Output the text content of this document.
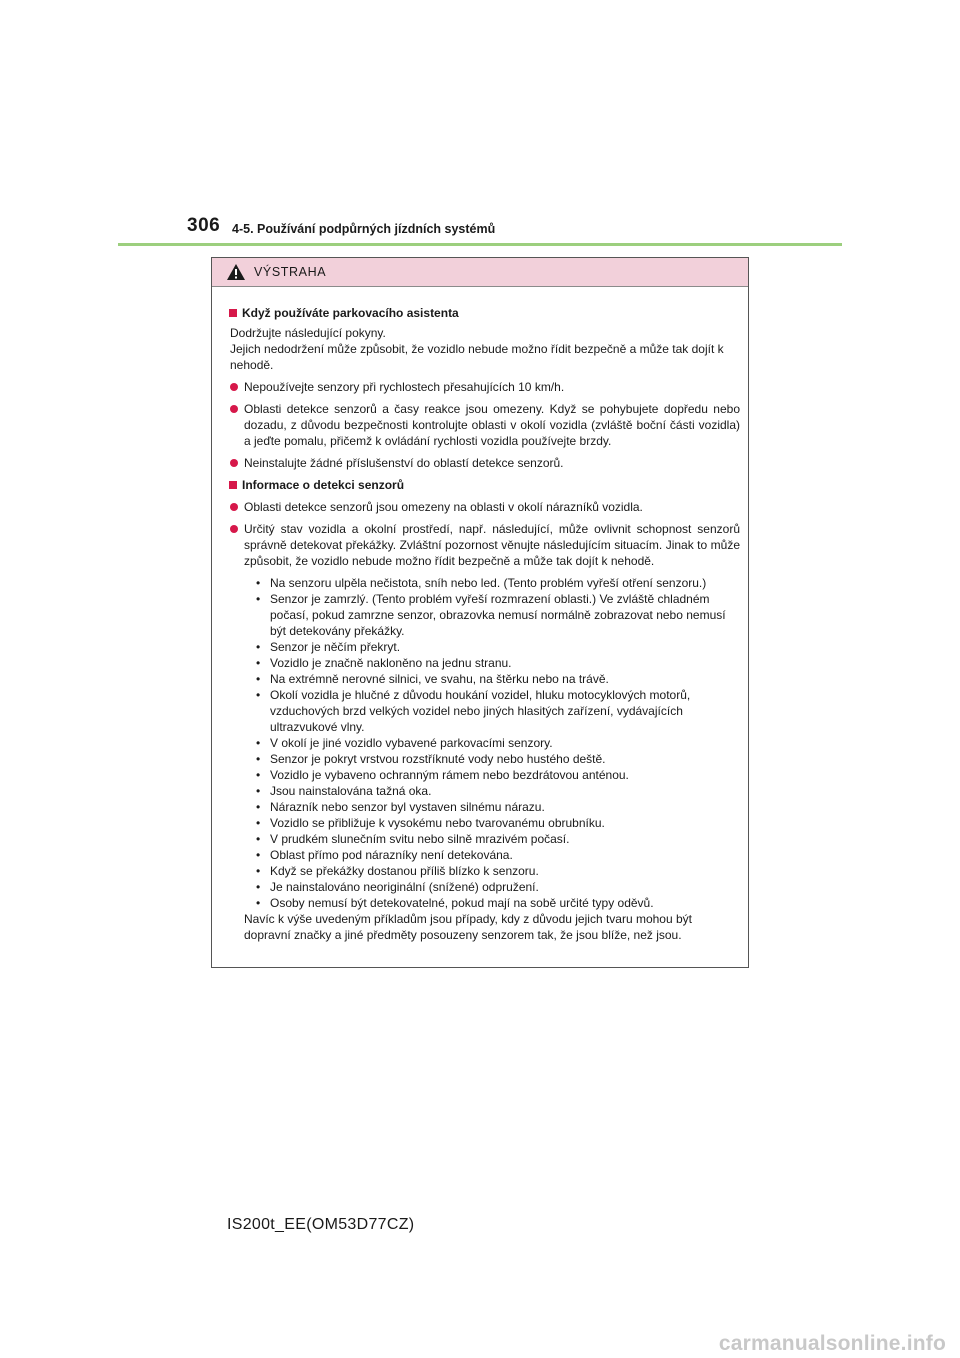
306 4-5. Používání podpůrných jízdních systémů
VÝSTRAHA
Když používáte parkovacího asistenta
Dodržujte následující pokyny.
Jejich nedodržení může způsobit, že vozidlo nebude možno řídit bezpečně a může tak dojít k nehodě.
Nepoužívejte senzory při rychlostech přesahujících 10 km/h.
Oblasti detekce senzorů a časy reakce jsou omezeny. Když se pohybujete dopředu nebo dozadu, z důvodu bezpečnosti kontrolujte oblasti v okolí vozidla (zvláště boční části vozidla) a jeďte pomalu, přičemž k ovládání rychlosti vozidla používejte brzdy.
Neinstalujte žádné příslušenství do oblastí detekce senzorů.
Informace o detekci senzorů
Oblasti detekce senzorů jsou omezeny na oblasti v okolí nárazníků vozidla.
Určitý stav vozidla a okolní prostředí, např. následující, může ovlivnit schopnost senzorů správně detekovat překážky. Zvláštní pozornost věnujte následujícím situacím. Jinak to může způsobit, že vozidlo nebude možno řídit bezpečně a může tak dojít k nehodě.
• Na senzoru ulpěla nečistota, sníh nebo led. (Tento problém vyřeší otření senzoru.)
• Senzor je zamrzlý. (Tento problém vyřeší rozmrazení oblasti.) Ve zvláště chladném počasí, pokud zamrzne senzor, obrazovka nemusí normálně zobrazovat nebo nemusí být detekovány překážky.
• Senzor je něčím překryt.
• Vozidlo je značně nakloněno na jednu stranu.
• Na extrémně nerovné silnici, ve svahu, na štěrku nebo na trávě.
• Okolí vozidla je hlučné z důvodu houkání vozidel, hluku motocyklových motorů, vzduchových brzd velkých vozidel nebo jiných hlasitých zařízení, vydávajících ultrazvukové vlny.
• V okolí je jiné vozidlo vybavené parkovacími senzory.
• Senzor je pokryt vrstvou rozstříknuté vody nebo hustého deště.
• Vozidlo je vybaveno ochranným rámem nebo bezdrátovou anténou.
• Jsou nainstalována tažná oka.
• Nárazník nebo senzor byl vystaven silnému nárazu.
• Vozidlo se přibližuje k vysokému nebo tvarovanému obrubníku.
• V prudkém slunečním svitu nebo silně mrazivém počasí.
• Oblast přímo pod nárazníky není detekována.
• Když se překážky dostanou příliš blízko k senzoru.
• Je nainstalováno neoriginální (snížené) odpružení.
• Osoby nemusí být detekovatelné, pokud mají na sobě určité typy oděvů.
Navíc k výše uvedeným příkladům jsou případy, kdy z důvodu jejich tvaru mohou být dopravní značky a jiné předměty posouzeny senzorem tak, že jsou blíže, než jsou.
IS200t_EE(OM53D77CZ)
carmanualsonline.info
